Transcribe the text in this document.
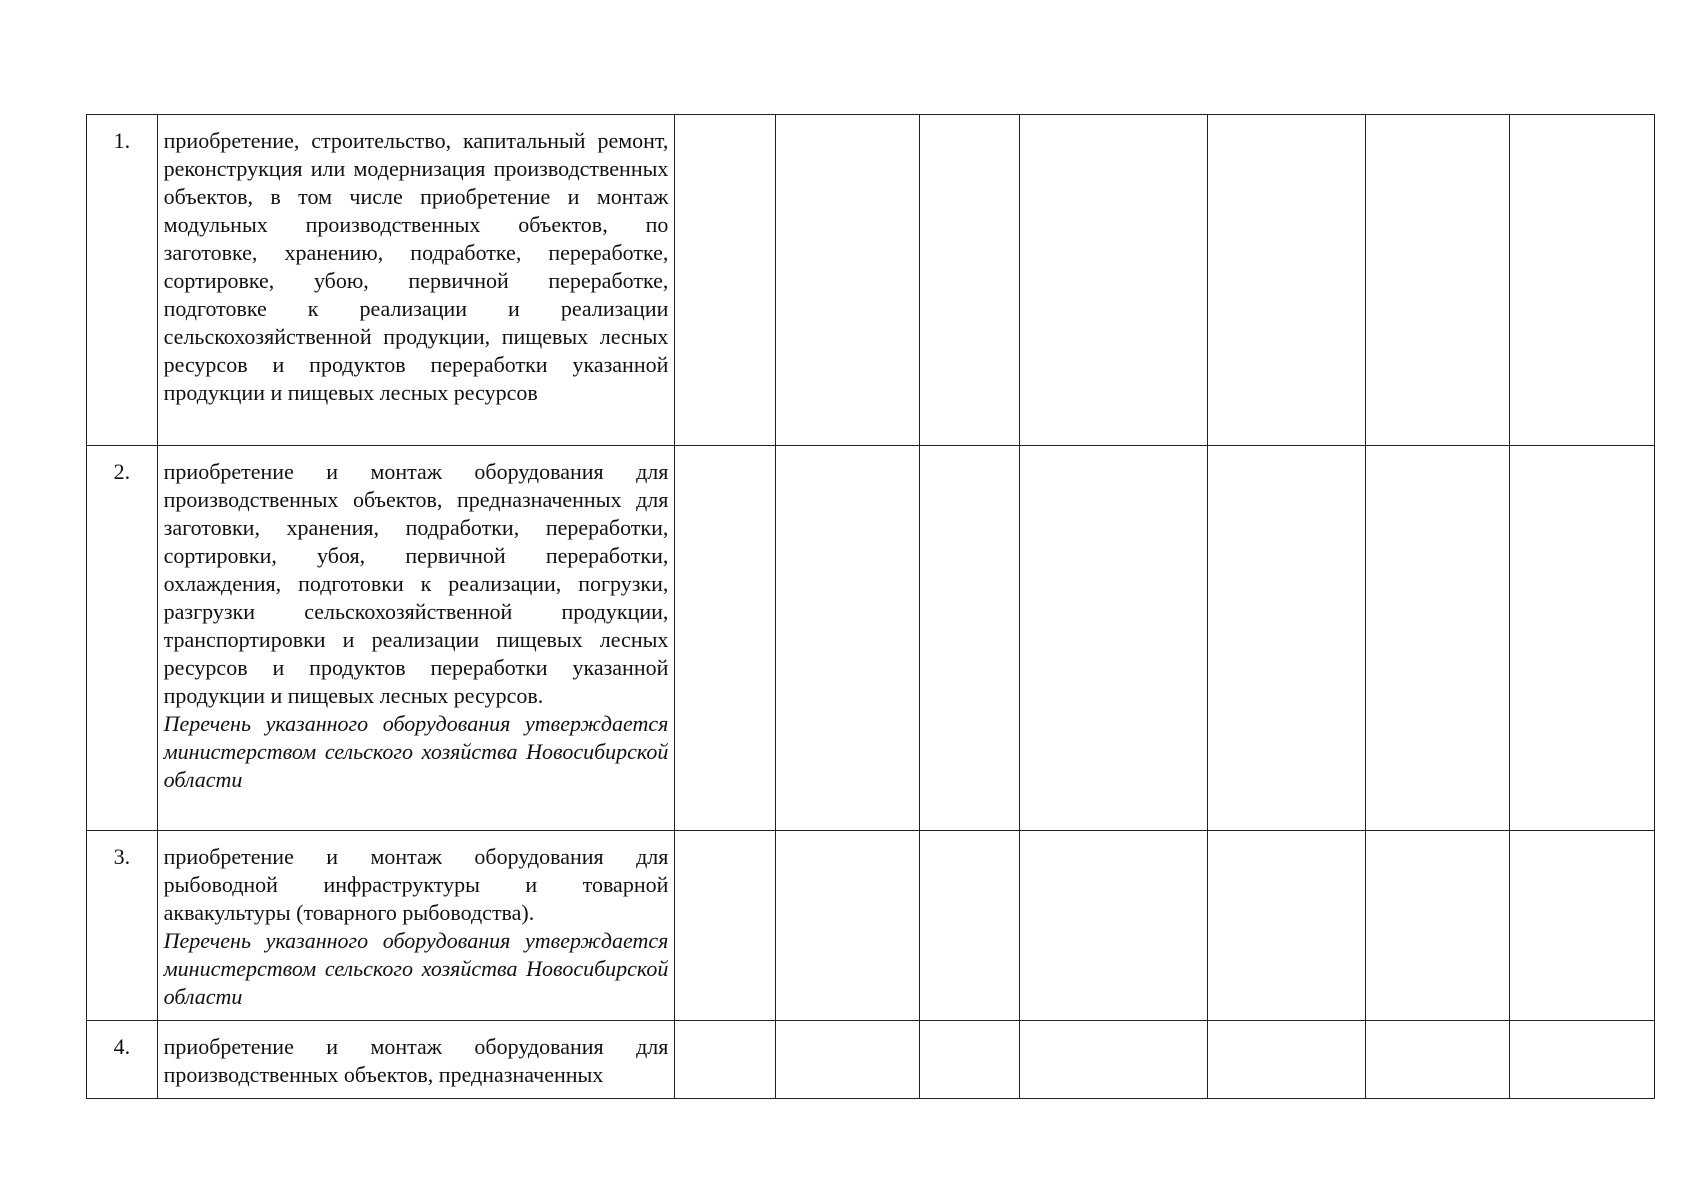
1.	приобретение, строительство, капитальный ремонт, реконструкция или модернизация производственных объектов, в том числе приобретение и монтаж модульных производственных объектов, по заготовке, хранению, подработке, переработке, сортировке, убою, первичной переработке, подготовке к реализации и реализации сельскохозяйственной продукции, пищевых лесных ресурсов и продуктов переработки указанной продукции и пищевых лесных ресурсов							

2.	приобретение и монтаж оборудования для производственных объектов, предназначенных для заготовки, хранения, подработки, переработки, сортировки, убоя, первичной переработки, охлаждения, подготовки к реализации, погрузки, разгрузки сельскохозяйственной продукции, транспортировки и реализации пищевых лесных ресурсов и продуктов переработки указанной продукции и пищевых лесных ресурсов.

Перечень указанного оборудования утверждается министерством сельского хозяйства Новосибирской области							

3.	приобретение и монтаж оборудования для рыбоводной инфраструктуры и товарной аквакультуры (товарного рыбоводства).

Перечень указанного оборудования утверждается министерством сельского хозяйства Новосибирской области							

4.	приобретение и монтаж оборудования для производственных объектов, предназначенных							
